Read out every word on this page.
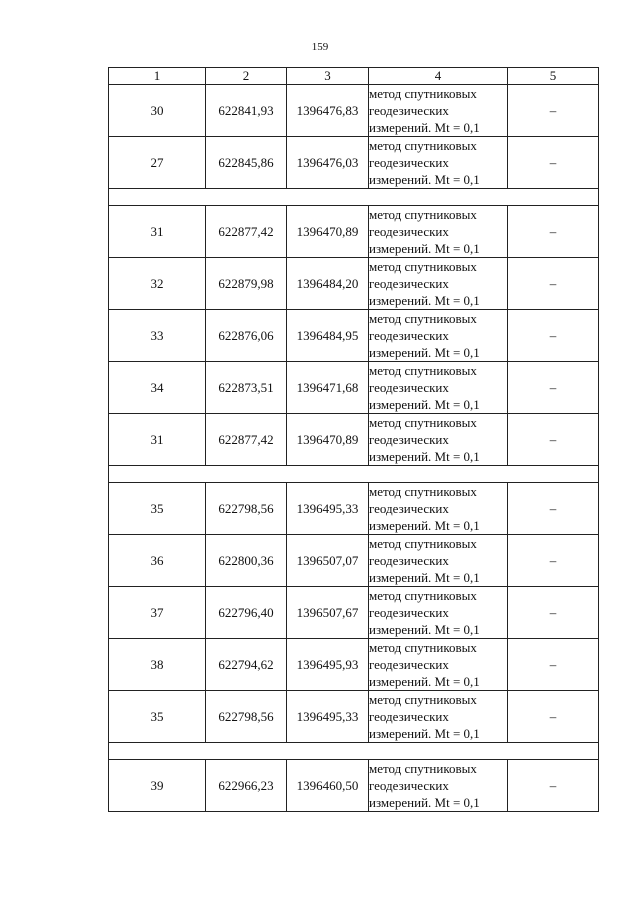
159
1	2	3	4	5
30	622841,93	1396476,83	метод спутниковых
геодезических
измерений. Mt = 0,1	–
27	622845,86	1396476,03	метод спутниковых
геодезических
измерений. Mt = 0,1	–

31	622877,42	1396470,89	метод спутниковых
геодезических
измерений. Mt = 0,1	–
32	622879,98	1396484,20	метод спутниковых
геодезических
измерений. Mt = 0,1	–
33	622876,06	1396484,95	метод спутниковых
геодезических
измерений. Mt = 0,1	–
34	622873,51	1396471,68	метод спутниковых
геодезических
измерений. Mt = 0,1	–
31	622877,42	1396470,89	метод спутниковых
геодезических
измерений. Mt = 0,1	–

35	622798,56	1396495,33	метод спутниковых
геодезических
измерений. Mt = 0,1	–
36	622800,36	1396507,07	метод спутниковых
геодезических
измерений. Mt = 0,1	–
37	622796,40	1396507,67	метод спутниковых
геодезических
измерений. Mt = 0,1	–
38	622794,62	1396495,93	метод спутниковых
геодезических
измерений. Mt = 0,1	–
35	622798,56	1396495,33	метод спутниковых
геодезических
измерений. Mt = 0,1	–

39	622966,23	1396460,50	метод спутниковых
геодезических
измерений. Mt = 0,1	–
